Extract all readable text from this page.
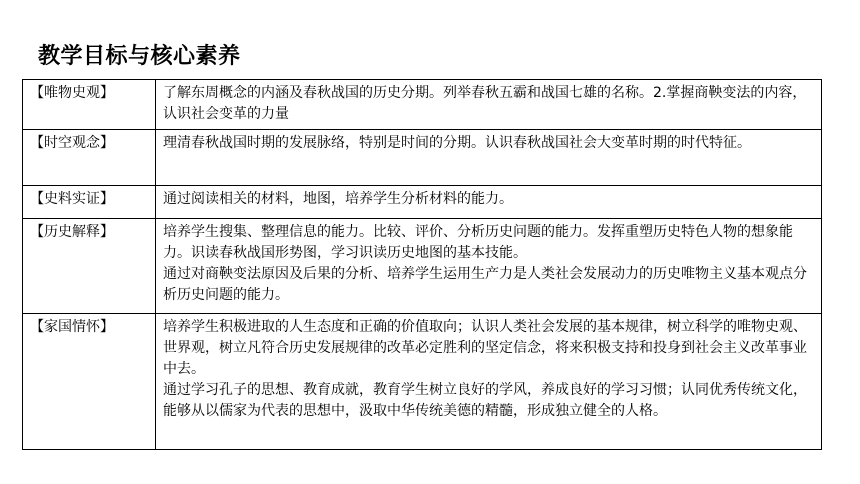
教学目标与核心素养
【唯物史观】	了解东周概念的内涵及春秋战国的历史分期。列举春秋五霸和战国七雄的名称。2.掌握商鞅变法的内容，认识社会变革的力量

【时空观念】	理清春秋战国时期的发展脉络，特别是时间的分期。认识春秋战国社会大变革时期的时代特征。

【史料实证】	通过阅读相关的材料，地图，培养学生分析材料的能力。

【历史解释】	培养学生搜集、整理信息的能力。比较、评价、分析历史问题的能力。发挥重塑历史特色人物的想象能力。识读春秋战国形势图，学习识读历史地图的基本技能。
通过对商鞅变法原因及后果的分析、培养学生运用生产力是人类社会发展动力的历史唯物主义基本观点分析历史问题的能力。

【家国情怀】	培养学生积极进取的人生态度和正确的价值取向；认识人类社会发展的基本规律，树立科学的唯物史观、世界观，树立凡符合历史发展规律的改革必定胜利的坚定信念，将来积极支持和投身到社会主义改革事业中去。
通过学习孔子的思想、教育成就，教育学生树立良好的学风，养成良好的学习习惯；认同优秀传统文化，能够从以儒家为代表的思想中，汲取中华传统美德的精髓，形成独立健全的人格。
